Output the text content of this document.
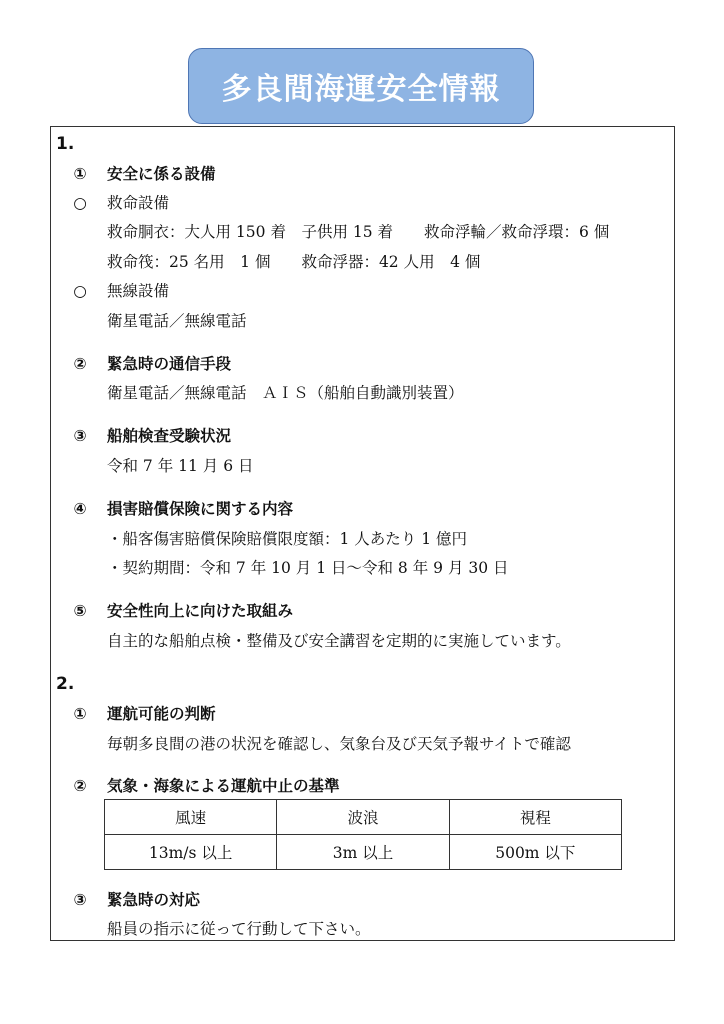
多良間海運安全情報
1.
①	安全に係る設備
○	救命設備
救命胴衣：大人用 150 着　子供用 15 着　　救命浮輪／救命浮環：6 個
救命筏：25 名用　1 個　　救命浮器：42 人用　4 個
○	無線設備
衛星電話／無線電話
②	緊急時の通信手段
衛星電話／無線電話　ＡＩＳ（船舶自動識別装置）
③	船舶検査受験状況
令和 7 年 11 月 6 日
④	損害賠償保険に関する内容
・船客傷害賠償保険賠償限度額：1 人あたり 1 億円
・契約期間：令和 7 年 10 月 1 日～令和 8 年 9 月 30 日
⑤	安全性向上に向けた取組み
自主的な船舶点検・整備及び安全講習を定期的に実施しています。
2.
①	運航可能の判断
毎朝多良間の港の状況を確認し、気象台及び天気予報サイトで確認
②	気象・海象による運航中止の基準
風速	波浪	視程
13m/s 以上	3m 以上	500m 以下
③	緊急時の対応
船員の指示に従って行動して下さい。
